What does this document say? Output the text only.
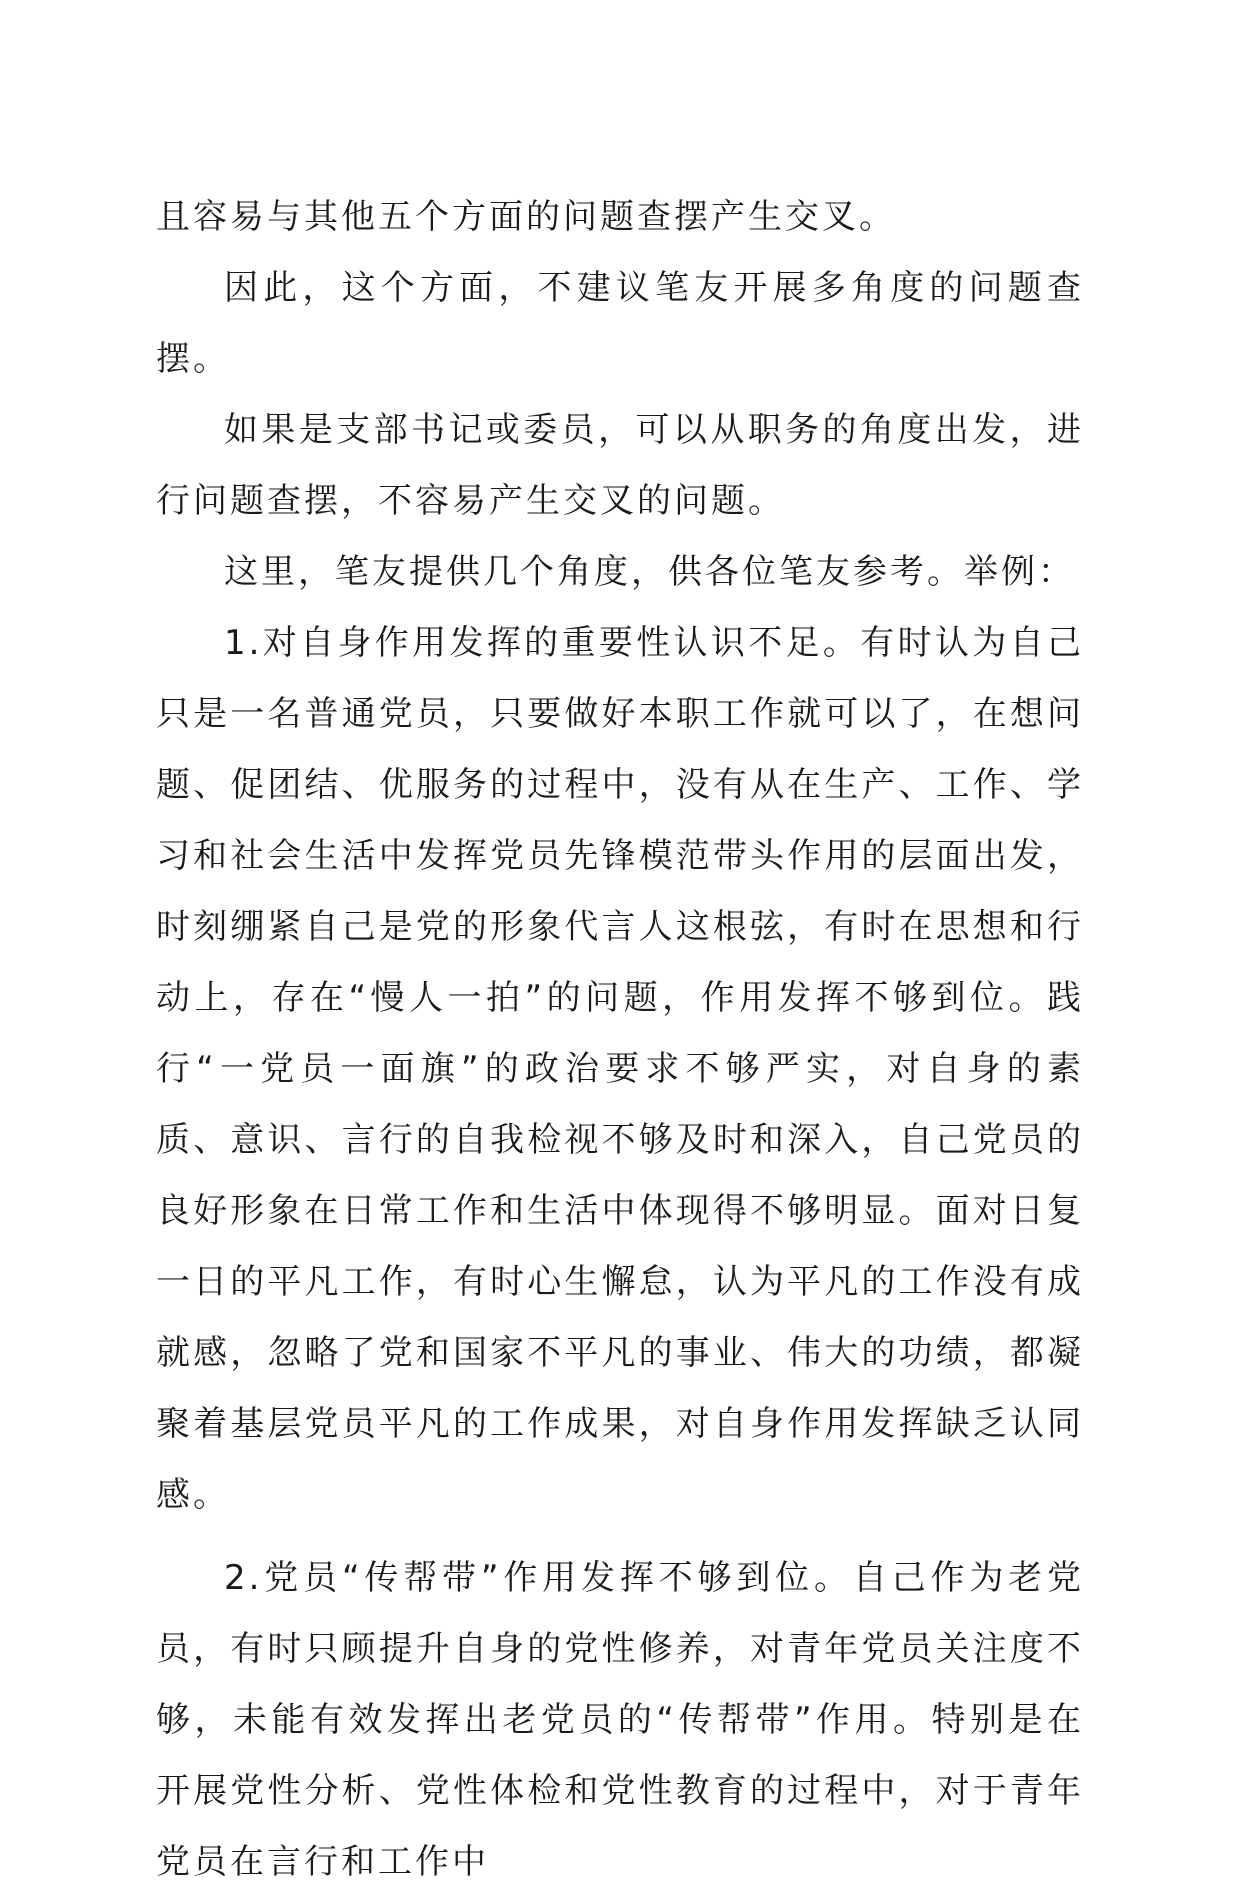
且容易与其他五个方面的问题查摆产生交叉。

因此，这个方面，不建议笔友开展多角度的问题查摆。

如果是支部书记或委员，可以从职务的角度出发，进行问题查摆，不容易产生交叉的问题。

这里，笔友提供几个角度，供各位笔友参考。举例：

1.对自身作用发挥的重要性认识不足。有时认为自己只是一名普通党员，只要做好本职工作就可以了，在想问题、促团结、优服务的过程中，没有从在生产、工作、学习和社会生活中发挥党员先锋模范带头作用的层面出发，时刻绷紧自己是党的形象代言人这根弦，有时在思想和行动上，存在“慢人一拍”的问题，作用发挥不够到位。践行“一党员一面旗”的政治要求不够严实，对自身的素质、意识、言行的自我检视不够及时和深入，自己党员的良好形象在日常工作和生活中体现得不够明显。面对日复一日的平凡工作，有时心生懈怠，认为平凡的工作没有成就感，忽略了党和国家不平凡的事业、伟大的功绩，都凝聚着基层党员平凡的工作成果，对自身作用发挥缺乏认同感。

2.党员“传帮带”作用发挥不够到位。自己作为老党员，有时只顾提升自身的党性修养，对青年党员关注度不够，未能有效发挥出老党员的“传帮带”作用。特别是在开展党性分析、党性体检和党性教育的过程中，对于青年党员在言行和工作中
